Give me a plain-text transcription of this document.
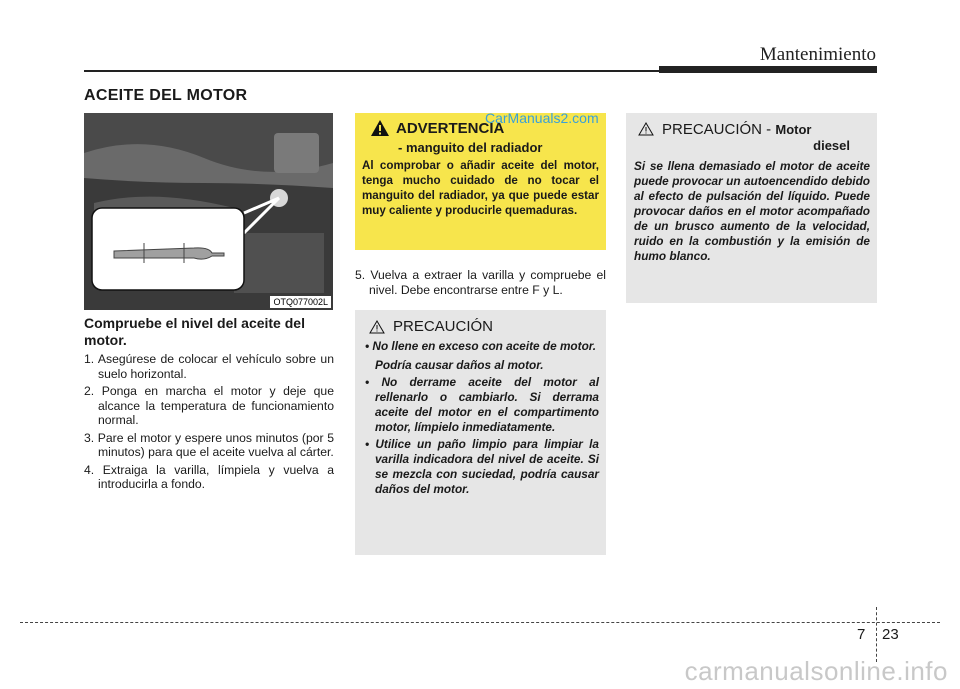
Mantenimiento
ACEITE DEL MOTOR
OTQ077002L
Compruebe el nivel del aceite del motor.
1. Asegúrese de colocar el vehículo sobre un suelo horizontal.
2. Ponga en marcha el motor y deje que alcance la temperatura de funcionamiento normal.
3. Pare el motor y espere unos minutos (por 5 minutos) para que el aceite vuelva al cárter.
4. Extraiga la varilla, límpiela y vuelva a introducirla a fondo.
ADVERTENCIA
- manguito del radiador
Al comprobar o añadir aceite del motor, tenga mucho cuidado de no tocar el manguito del radiador, ya que puede estar muy caliente y producirle quemaduras.
5. Vuelva a extraer la varilla y compruebe el nivel. Debe encontrarse entre F y L.
PRECAUCIÓN
• No llene en exceso con aceite de motor.
Podría causar daños al motor.
• No derrame aceite del motor al rellenarlo o cambiarlo. Si derrama aceite del motor en el compartimento motor, límpielo inmediatamente.
• Utilice un paño limpio para limpiar la varilla indicadora del nivel de aceite. Si se mezcla con suciedad, podría causar daños del motor.
PRECAUCIÓN - Motor
diesel
Si se llena demasiado el motor de aceite puede provocar un autoencendido debido al efecto de pulsación del líquido. Puede provocar daños en el motor acompañado de un brusco aumento de la velocidad, ruido en la combustión y la emisión de humo blanco.
CarManuals2.com
7 23
carmanualsonline.info
